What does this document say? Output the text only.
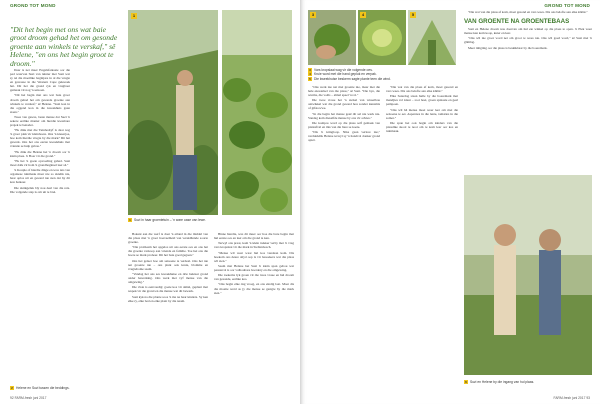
GROND TOT MOND
"Dit het begin met ons wat baie groot droom gehad het om gesonde groente aan winkels te verskaf," sê Helene, "en ons het begin groot te droom."

Daar is net meer Engelsfantasie oor die pad waarvan Suzi van tuinier met Suzi wat sy ná die moeilike beginjare in al die vrugte en gewasse in die Western Cape gekweek het. Dit het die grond ryk en vrugbaar gemaak vir nog 'n seisoen.

"Dit het begin met ons wat baie groot droom gehad het om gesonde groente aan winkels te verskaf," sê Helene. "Suzi kon in die oggend kon in die kweekhuis gaan staan."

Twee van gewas, beste mense dat Suzi 'n sekere eerlike manier om hierdie kwesbare projek te benader.

"Ek dink met die Tuinbedryf is daar nog 'n groot plek vir kleinboere. Ons 'n kieserjoe, hoe kom hierdie vrugte by die mark? Dit het gewerk. Ons het ons eerste kweekhuis met vriende se hulp gebou."

"Ek dink die Helene het 'n droom oor 'n klein plaas. 'n Boer vir die grond."

"Ek het 'n goeie opvoeding gehad. Suzi moet dalk vir hom 'n grondbeginsel leer sê."

'n Kouple of hierdie dinge en wou iets van organiese tuinmaak maar nie so skielik nie, haar oplos uit en gesond nie sien dat hy dit kon hanteer.

Die skrikgeluk bly nou deel van die reis. Die volgende stap is om uit te brei.

1
1 Suzi in haar groentetuin – 'n ware oase van lewe.

Bokant aan die werf is daar 'n eiland in die middel van die plaas met 'n groot hoeveelheid van verskillende soorte groente.

"Die probleem het opgelos uit ons eerste oes en ons het die groente verkoop aan vriende en familie. Toe het ons die boere se mark probeer. Dit het baie goed gegaan."

Ons het geleer hoe om seisoene te verdeel. Ons het nie net groente nie – ons plant ook kruie, blomme en vrugtebome saam.

"Vandag het ons ses kweekhuise en drie hektaar grond onder bewerking. Ons werk met vyf mense van die omgewing."

Die visie is eenvoudig: goeie kos vir almal, geplant met respek vir die grond en die mense wat dit bewerk.

Suzi kyk na die plante soos 'n ma na haar kinders. Sy ken elke ry, elke bed en elke plant by die naam.

Binne hierdie, was dit meer oor hoe die bure begin met hul eerste oes en leer om die grond te ken.

Terwyl ons praat, kom 'n klein trekker verby met 'n vrag vars kropslaai vir die mark in Stellenbosch.

"Mense wil weet waar hul kos vandaan kom. Dis hoekom ons deure altyd oop is vir besoekers wat die plaas wil sien."

Saam met Helene het Suzi 'n klein span gebou wat passievol is oor volhoubare boerdery en die omgewing.

Die toekoms lyk groen vir die twee vroue en hul droom van gesonde, eerlike kos.

"Ons begin elke dag vroeg, en ons eindig laat. Maar dis die moeite werd as jy die mense se gesigte by die mark sien."

2 Helene en Suzi tussen die beddings.
92 FARM-fresh juni 2017
GROND TOT MOND
3	4	5
3 Vars kropslaai wag vir die volgende oes.
4 Kruie word met die hand gepluk en verpak.
5 Die kweekhuise beskerm sagte plante teen die wind.

"Ons werk nie net met groente nie, maar met die hele ekostelsel van die plaas," sê Suzi. "Die bye, die wurms, die voëls – almal speel 'n rol."

Die twee vroue het 'n stelsel van wisselbou ontwikkel wat die grond gesond hou sonder kunsmis of gifstowwe.

"In die begin het mense gesê dit sal nie werk nie. Vandag kom dieselfde mense by ons vir advies."

Die kompos word op die plaas self gemaak van plantafval en mis van die bure se koeie.

"Dis 'n kringloop. Niks gaan verlore nie," verduidelik Helene terwyl sy 'n handvol donker grond optel.

"Die wat van die plaas af kom, moet gesond en vars wees. Dis ons belofte aan elke kliënt."

Elke Saterdag staan hulle by die boeremark met mandjies vol kleur – rooi beet, groen spinasie en geel pampoen.

"Ons wil hê mense moet weer leer om met die seisoene te eet. Aspersies in die lente, tamaties in die somer."

Die span het ook begin om kinders van die plaaslike skool te nooi om te kom leer oor kos en tuinmaak.

"Die wat van die plaas af kom, moet gesond en vars wees. Dis ons belofte aan elke kliënt."

VAN GROENTE NA GROENTEBAAS

Suzi en Helene droom nou daarvan om hul eie winkel op die plaas te open. 'n Plek waar mense kan kom koop, kuier en leer.

"Ons wil nie groot word net om groot te wees nie. Ons wil goed word," sê Suzi met 'n glimlag.

Meer inligting oor die plaas is beskikbaar by die boeremark.

6 Suzi en Helene by die ingang van hul plaas.
FARM-fresh juni 2017 93
